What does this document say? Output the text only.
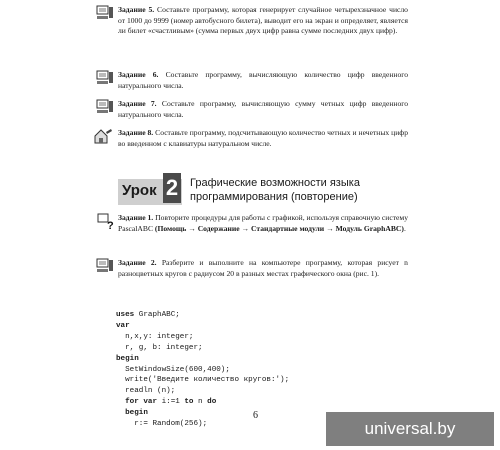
Задание 5. Составьте программу, которая генерирует случайное четырехзначное число от 1000 до 9999 (номер автобусного билета), выводит его на экран и определяет, является ли билет «счастливым» (сумма первых двух цифр равна сумме последних двух цифр).
Задание 6. Составьте программу, вычисляющую количество цифр введенного натурального числа.
Задание 7. Составьте программу, вычисляющую сумму четных цифр введенного натурального числа.
Задание 8. Составьте программу, подсчитывающую количество четных и нечетных цифр во введенном с клавиатуры натуральном числе.
Урок 2 Графические возможности языка программирования (повторение)
?
Задание 1. Повторите процедуры для работы с графикой, используя справочную систему PascalABC (Помощь → Содержание → Стандартные модули → Модуль GraphABC).
Задание 2. Разберите и выполните на компьютере программу, которая рисует n разноцветных кругов с радиусом 20 в разных местах графического окна (рис. 1).
uses GraphABC;
var
n,x,y: integer;
r, g, b: integer;
begin
SetWindowSize(600,400);
write('Введите количество кругов:');
readln (n);
for var i:=1 to n do
begin
r:= Random(256);
6
universal.by
